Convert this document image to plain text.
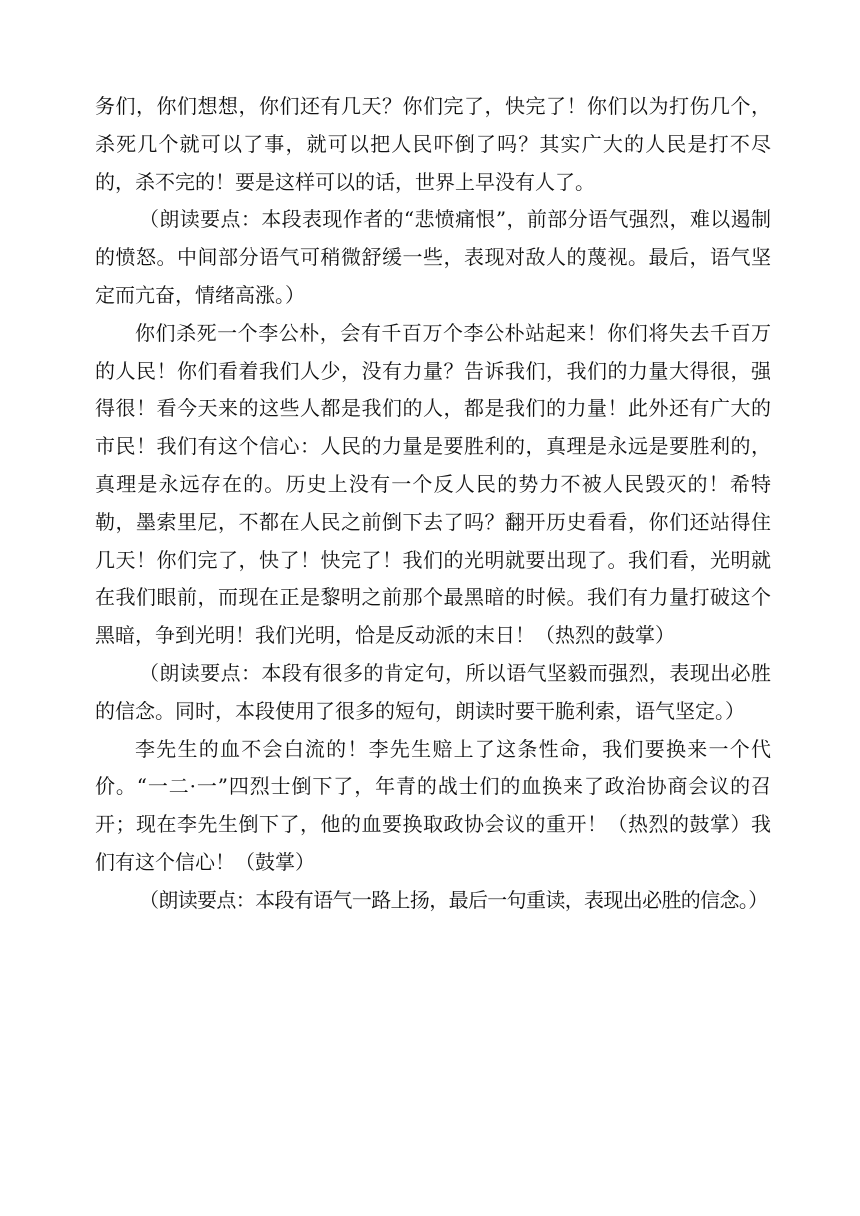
务们，你们想想，你们还有几天？你们完了，快完了！你们以为打伤几个，杀死几个就可以了事，就可以把人民吓倒了吗？其实广大的人民是打不尽的，杀不完的！要是这样可以的话，世界上早没有人了。

（朗读要点：本段表现作者的“悲愤痛恨”，前部分语气强烈，难以遏制的愤怒。中间部分语气可稍微舒缓一些，表现对敌人的蔑视。最后，语气坚定而亢奋，情绪高涨。）

你们杀死一个李公朴，会有千百万个李公朴站起来！你们将失去千百万的人民！你们看着我们人少，没有力量？告诉我们，我们的力量大得很，强得很！看今天来的这些人都是我们的人，都是我们的力量！此外还有广大的市民！我们有这个信心：人民的力量是要胜利的，真理是永远是要胜利的，真理是永远存在的。历史上没有一个反人民的势力不被人民毁灭的！希特勒，墨索里尼，不都在人民之前倒下去了吗？翻开历史看看，你们还站得住几天！你们完了，快了！快完了！我们的光明就要出现了。我们看，光明就在我们眼前，而现在正是黎明之前那个最黑暗的时候。我们有力量打破这个黑暗，争到光明！我们光明，恰是反动派的末日！（热烈的鼓掌）

（朗读要点：本段有很多的肯定句，所以语气坚毅而强烈，表现出必胜的信念。同时，本段使用了很多的短句，朗读时要干脆利索，语气坚定。）

李先生的血不会白流的！李先生赔上了这条性命，我们要换来一个代价。“一二·一”四烈士倒下了，年青的战士们的血换来了政治协商会议的召开；现在李先生倒下了，他的血要换取政协会议的重开！（热烈的鼓掌）我们有这个信心！（鼓掌）

（朗读要点：本段有语气一路上扬，最后一句重读，表现出必胜的信念。）
